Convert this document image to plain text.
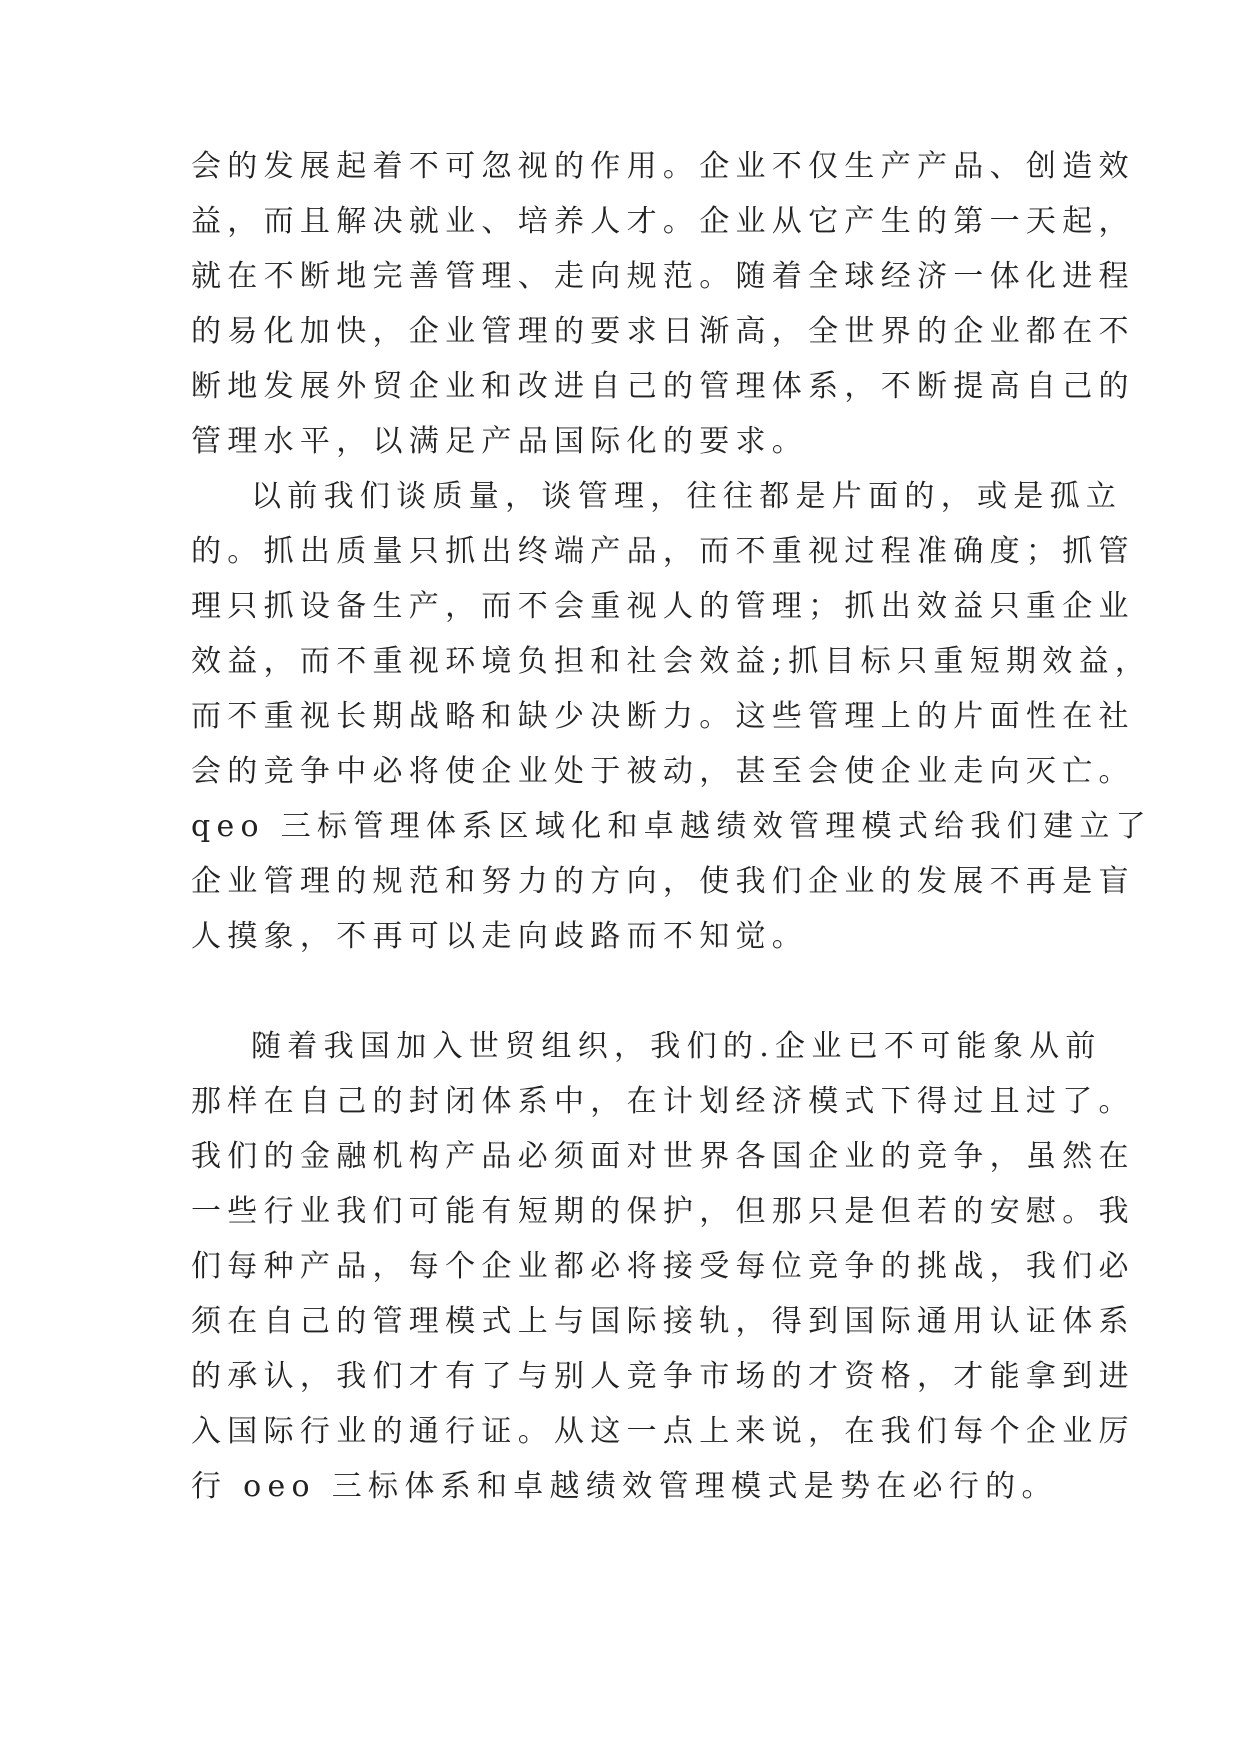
会的发展起着不可忽视的作用。企业不仅生产产品、创造效
益，而且解决就业、培养人才。企业从它产生的第一天起，
就在不断地完善管理、走向规范。随着全球经济一体化进程
的易化加快，企业管理的要求日渐高，全世界的企业都在不
断地发展外贸企业和改进自己的管理体系，不断提高自己的
管理水平，以满足产品国际化的要求。
以前我们谈质量，谈管理，往往都是片面的，或是孤立
的。抓出质量只抓出终端产品，而不重视过程准确度；抓管
理只抓设备生产，而不会重视人的管理；抓出效益只重企业
效益，而不重视环境负担和社会效益;抓目标只重短期效益，
而不重视长期战略和缺少决断力。这些管理上的片面性在社
会的竞争中必将使企业处于被动，甚至会使企业走向灭亡。
qeo 三标管理体系区域化和卓越绩效管理模式给我们建立了
企业管理的规范和努力的方向，使我们企业的发展不再是盲
人摸象，不再可以走向歧路而不知觉。
随着我国加入世贸组织，我们的.企业已不可能象从前
那样在自己的封闭体系中，在计划经济模式下得过且过了。
我们的金融机构产品必须面对世界各国企业的竞争，虽然在
一些行业我们可能有短期的保护，但那只是但若的安慰。我
们每种产品，每个企业都必将接受每位竞争的挑战，我们必
须在自己的管理模式上与国际接轨，得到国际通用认证体系
的承认，我们才有了与别人竞争市场的才资格，才能拿到进
入国际行业的通行证。从这一点上来说，在我们每个企业厉
行 oeo 三标体系和卓越绩效管理模式是势在必行的。
